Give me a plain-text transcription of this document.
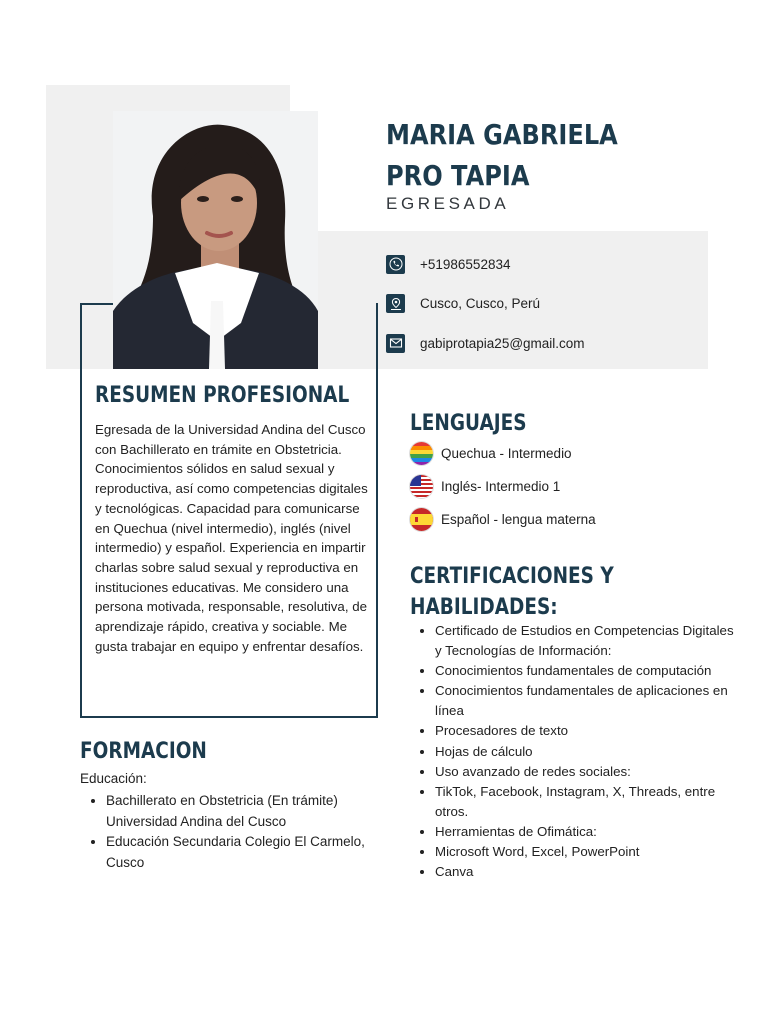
MARIA GABRIELA
PRO TAPIA
EGRESADA
+51986552834
Cusco, Cusco, Perú
gabiprotapia25@gmail.com
RESUMEN PROFESIONAL

Egresada de la Universidad Andina del Cusco con Bachillerato en trámite en Obstetricia. Conocimientos sólidos en salud sexual y reproductiva, así como competencias digitales y tecnológicas. Capacidad para comunicarse en Quechua (nivel intermedio), inglés (nivel intermedio) y español. Experiencia en impartir charlas sobre salud sexual y reproductiva en instituciones educativas. Me considero una persona motivada, responsable, resolutiva, de aprendizaje rápido, creativa y sociable. Me gusta trabajar en equipo y enfrentar desafíos.

FORMACION
Educación:
• Bachillerato en Obstetricia (En trámite) Universidad Andina del Cusco
• Educación Secundaria Colegio El Carmelo, Cusco
LENGUAJES
Quechua - Intermedio
Inglés- Intermedio 1
Español - lengua materna
CERTIFICACIONES Y
HABILIDADES:
• Certificado de Estudios en Competencias Digitales y Tecnologías de Información:
• Conocimientos fundamentales de computación
• Conocimientos fundamentales de aplicaciones en línea
• Procesadores de texto
• Hojas de cálculo
• Uso avanzado de redes sociales:
• TikTok, Facebook, Instagram, X, Threads, entre otros.
• Herramientas de Ofimática:
• Microsoft Word, Excel, PowerPoint
• Canva
